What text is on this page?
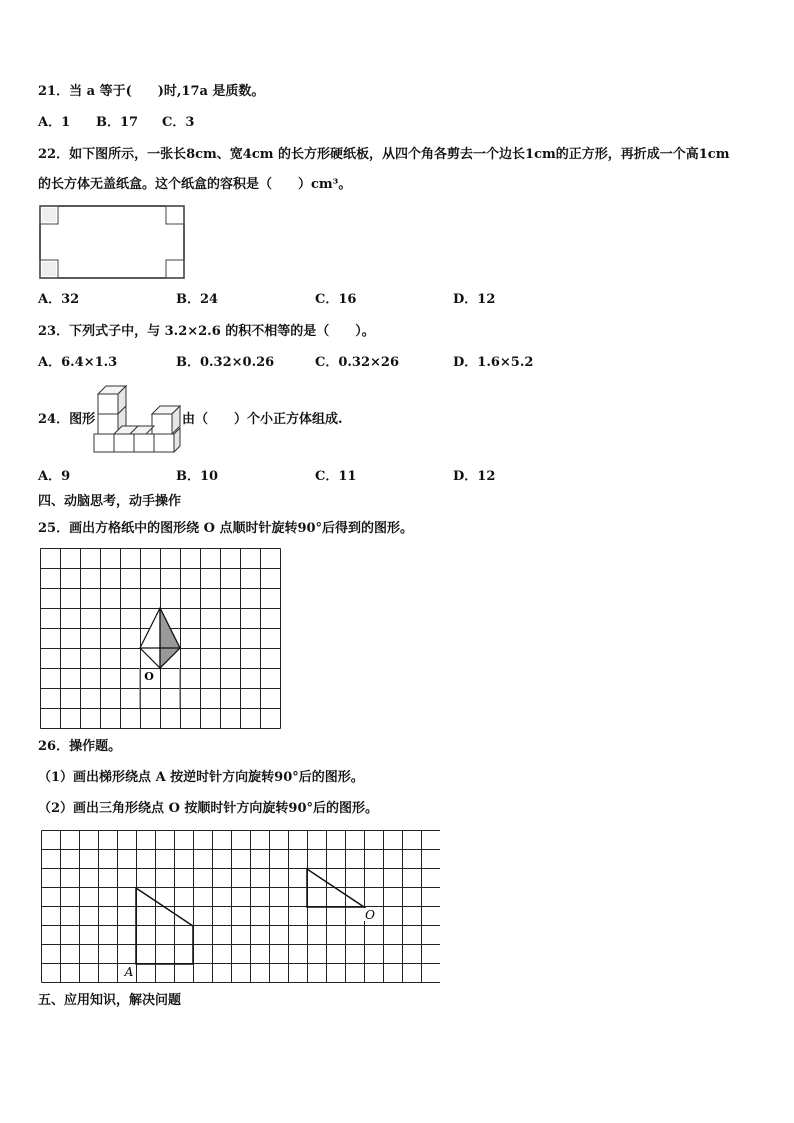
21．当 a 等于(　　)时,17a 是质数。
A．1 B．17 C．3
22．如下图所示，一张长8cm、宽4cm 的长方形硬纸板，从四个角各剪去一个边长1cm的正方形，再折成一个高1cm
的长方体无盖纸盒。这个纸盒的容积是（　　）cm³。
A．32	B．24	C．16	D．12
23．下列式子中，与 3.2×2.6 的积不相等的是（　　）。
A．6.4×1.3	B．0.32×0.26	C．0.32×26	D．1.6×5.2
24．图形	由（　　）个小正方体组成.
A．9	B．10	C．11	D．12
四、动脑思考，动手操作
25．画出方格纸中的图形绕 O 点顺时针旋转90°后得到的图形。
O
26．操作题。
（1）画出梯形绕点 A 按逆时针方向旋转90°后的图形。
（2）画出三角形绕点 O 按顺时针方向旋转90°后的图形。
A
O
五、应用知识，解决问题
